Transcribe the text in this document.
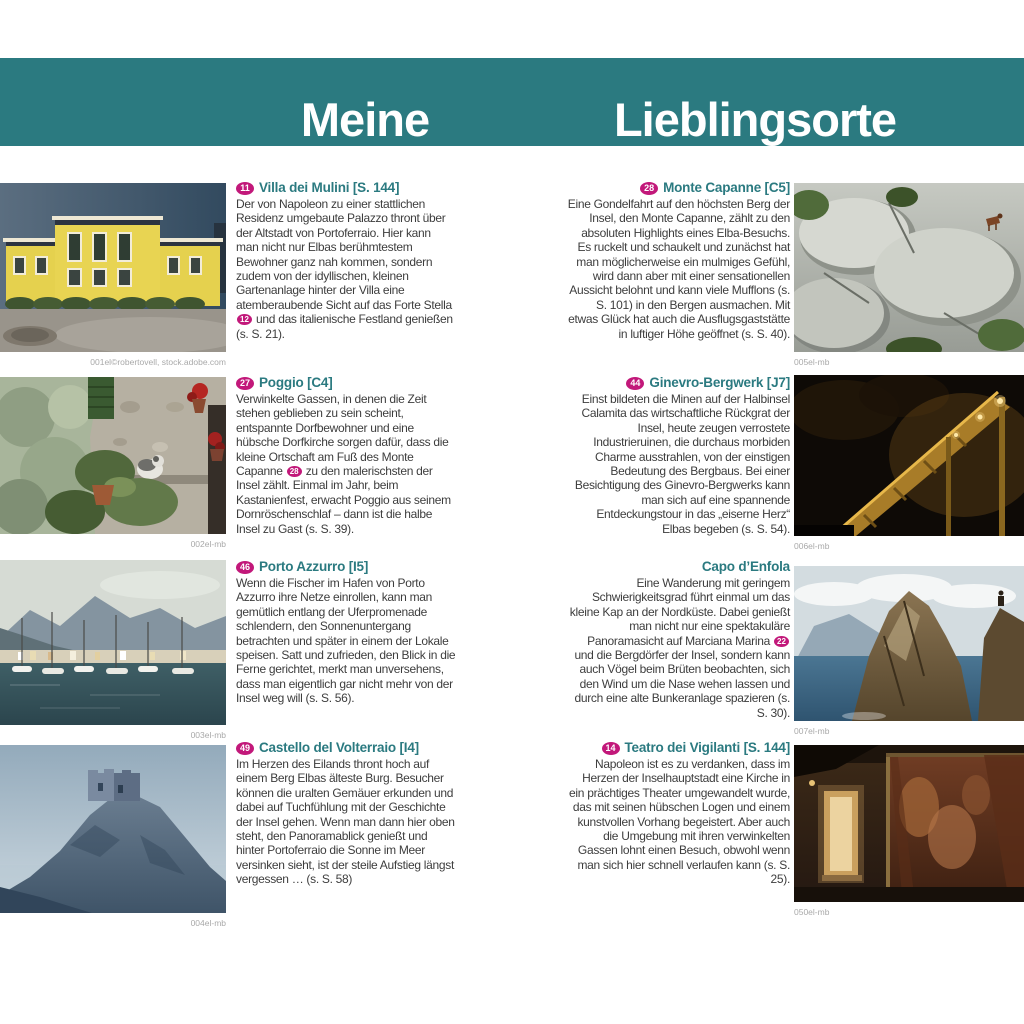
Meine	Lieblingsorte
001el©robertovell, stock.adobe.com
002el-mb
003el-mb
004el-mb
005el-mb
006el-mb
007el-mb
050el-mb
11 Villa dei Mulini [S. 144]

Der von Napoleon zu einer stattlichen Residenz umgebaute Palazzo thront über der Altstadt von Portoferraio. Hier kann man nicht nur Elbas berühmtestem Bewohner ganz nah kommen, sondern zudem von der idyllischen, kleinen Gartenanlage hinter der Villa eine atemberaubende Sicht auf das Forte Stella 12 und das italienische Festland genießen (s. S. 21).

27 Poggio [C4]

Verwinkelte Gassen, in denen die Zeit stehen geblieben zu sein scheint, entspannte Dorfbewohner und eine hübsche Dorfkirche sorgen dafür, dass die kleine Ortschaft am Fuß des Monte Capanne 28 zu den malerischsten der Insel zählt. Einmal im Jahr, beim Kastanienfest, erwacht Poggio aus seinem Dornröschenschlaf – dann ist die halbe Insel zu Gast (s. S. 39).

46 Porto Azzurro [I5]

Wenn die Fischer im Hafen von Porto Azzurro ihre Netze einrollen, kann man gemütlich entlang der Uferpromenade schlendern, den Sonnenuntergang betrachten und später in einem der Lokale speisen. Satt und zufrieden, den Blick in die Ferne gerichtet, merkt man unversehens, dass man eigentlich gar nicht mehr von der Insel weg will (s. S. 56).

49 Castello del Volterraio [I4]

Im Herzen des Eilands thront hoch auf einem Berg Elbas älteste Burg. Besucher können die uralten Gemäuer erkunden und dabei auf Tuchfühlung mit der Geschichte der Insel gehen. Wenn man dann hier oben steht, den Panoramablick genießt und hinter Portoferraio die Sonne im Meer versinken sieht, ist der steile Aufstieg längst vergessen … (s. S. 58)

28 Monte Capanne [C5]

Eine Gondelfahrt auf den höchsten Berg der Insel, den Monte Capanne, zählt zu den absoluten Highlights eines Elba-Besuchs. Es ruckelt und schaukelt und zunächst hat man möglicherweise ein mulmiges Gefühl, wird dann aber mit einer sensationellen Aussicht belohnt und kann viele Mufflons (s. S. 101) in den Bergen ausmachen. Mit etwas Glück hat auch die Ausflugsgaststätte in luftiger Höhe geöffnet (s. S. 40).

44 Ginevro-Bergwerk [J7]

Einst bildeten die Minen auf der Halbinsel Calamita das wirtschaftliche Rückgrat der Insel, heute zeugen verrostete Industrieruinen, die durchaus morbiden Charme ausstrahlen, von der einstigen Bedeutung des Bergbaus. Bei einer Besichtigung des Ginevro-Bergwerks kann man sich auf eine spannende Entdeckungstour in das „eiserne Herz“ Elbas begeben (s. S. 54).

Capo d’Enfola

Eine Wanderung mit geringem Schwierigkeitsgrad führt einmal um das kleine Kap an der Nordküste. Dabei genießt man nicht nur eine spektakuläre Panoramasicht auf Marciana Marina 22 und die Bergdörfer der Insel, sondern kann auch Vögel beim Brüten beobachten, sich den Wind um die Nase wehen lassen und durch eine alte Bunkeranlage spazieren (s. S. 30).

14 Teatro dei Vigilanti [S. 144]

Napoleon ist es zu verdanken, dass im Herzen der Inselhauptstadt eine Kirche in ein prächtiges Theater umgewandelt wurde, das mit seinen hübschen Logen und einem kunstvollen Vorhang begeistert. Aber auch die Umgebung mit ihren verwinkelten Gassen lohnt einen Besuch, obwohl wenn man sich hier schnell verlaufen kann (s. S. 25).
